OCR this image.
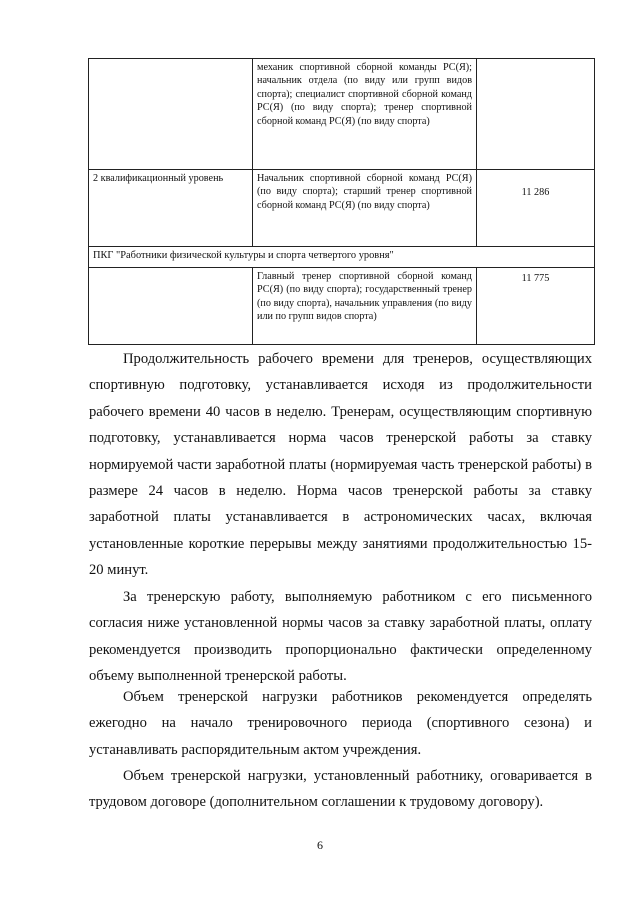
	механик спортивной сборной команды РС(Я); начальник отдела (по виду или групп видов спорта); специалист спортивной сборной команд РС(Я) (по виду спорта); тренер спортивной сборной команд РС(Я) (по виду спорта)	
2 квалификационный уровень	Начальник спортивной сборной команд РС(Я) (по виду спорта); старший тренер спортивной сборной команд РС(Я) (по виду спорта)	11 286
ПКГ "Работники физической культуры и спорта четвертого уровня"		
	Главный тренер спортивной сборной команд РС(Я) (по виду спорта); государственный тренер (по виду спорта), начальник управления (по виду или по групп видов спорта)	11 775

Продолжительность рабочего времени для тренеров, осуществляющих спортивную подготовку, устанавливается исходя из продолжительности рабочего времени 40 часов в неделю. Тренерам, осуществляющим спортивную подготовку, устанавливается норма часов тренерской работы за ставку нормируемой части заработной платы (нормируемая часть тренерской работы) в размере 24 часов в неделю. Норма часов тренерской работы за ставку заработной платы устанавливается в астрономических часах, включая установленные короткие перерывы между занятиями продолжительностью 15-20 минут.

За тренерскую работу, выполняемую работником с его письменного согласия ниже установленной нормы часов за ставку заработной платы, оплату рекомендуется производить пропорционально фактически определенному объему выполненной тренерской работы.

Объем тренерской нагрузки работников рекомендуется определять ежегодно на начало тренировочного периода (спортивного сезона) и устанавливать распорядительным актом учреждения.

Объем тренерской нагрузки, установленный работнику, оговаривается в трудовом договоре (дополнительном соглашении к трудовому договору).

6
